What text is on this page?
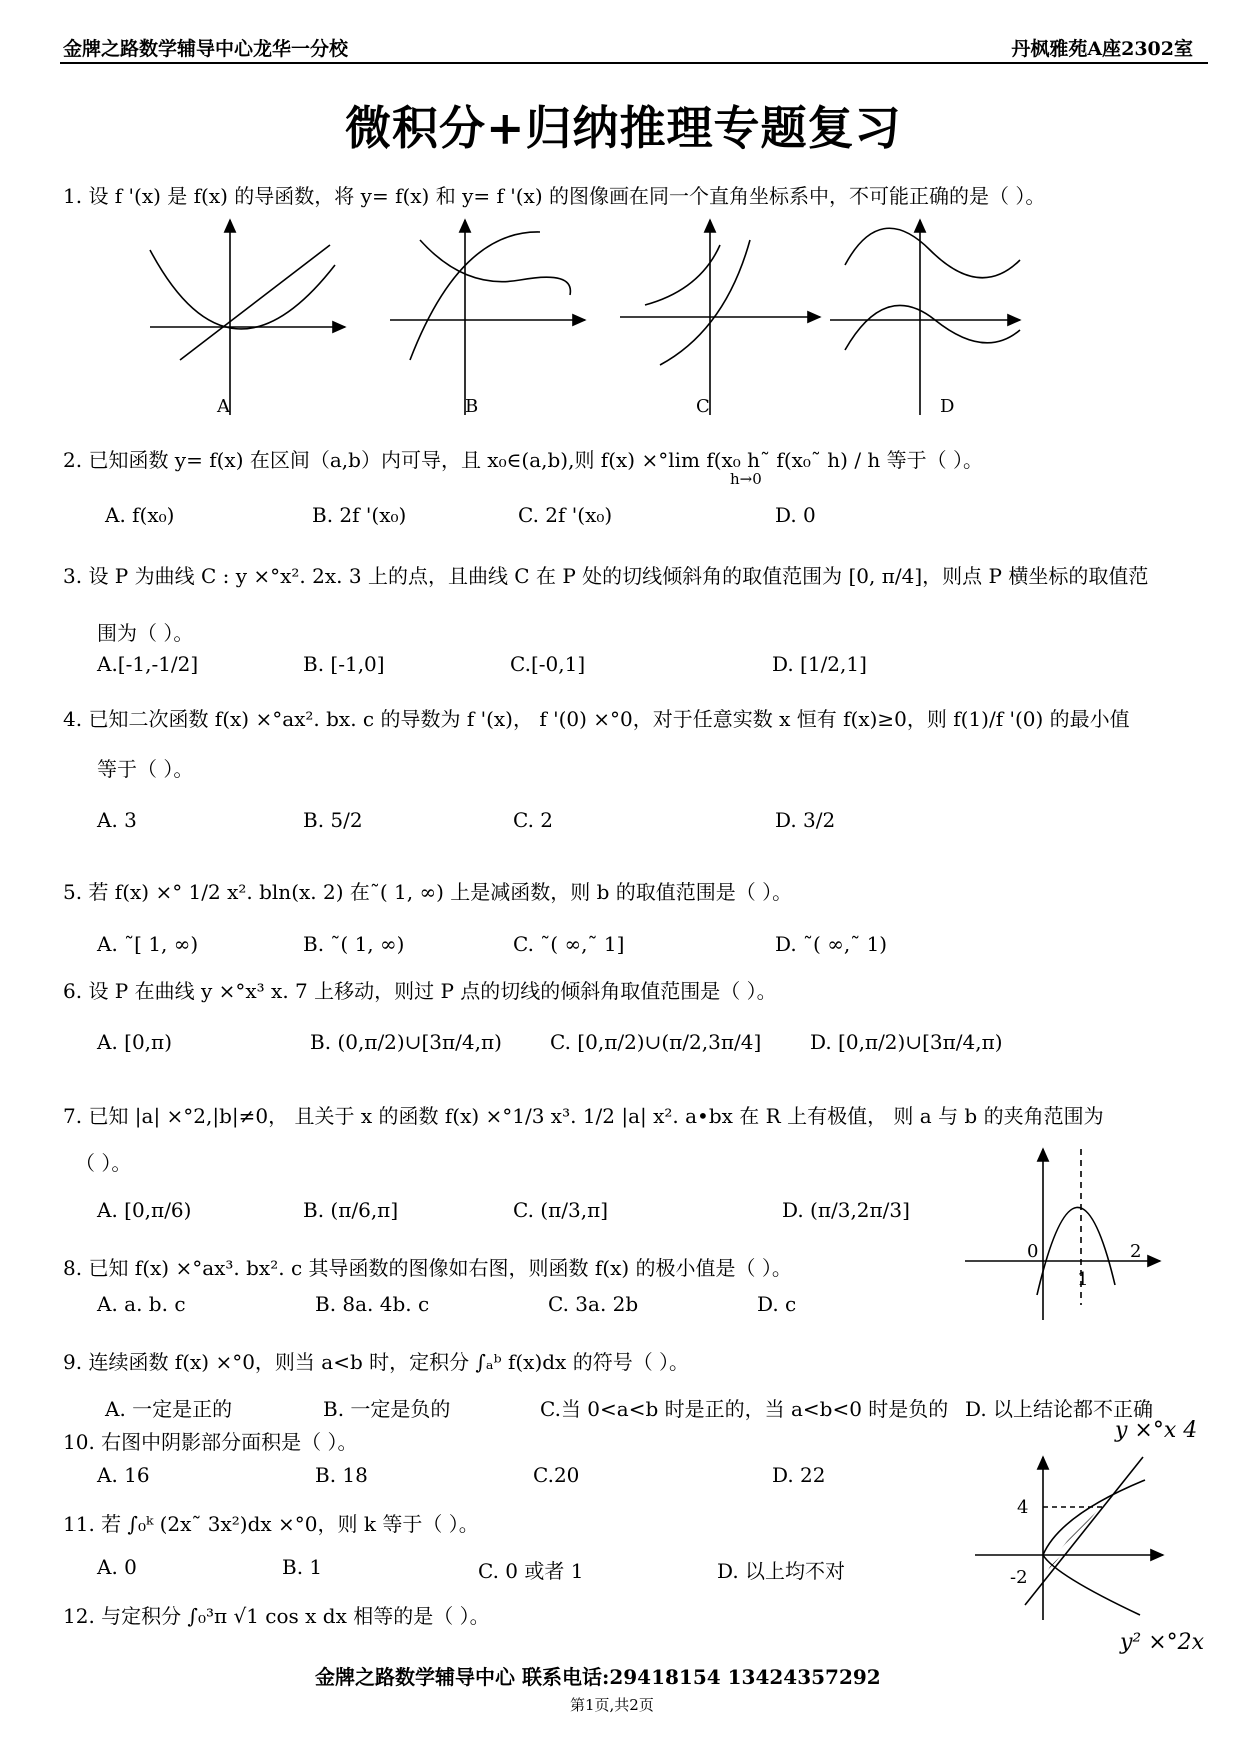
金牌之路数学辅导中心龙华一分校	丹枫雅苑A座2302室
微积分+归纳推理专题复习
1. 设 f '(x) 是 f(x) 的导函数，将 y= f(x) 和 y= f '(x) 的图像画在同一个直角坐标系中，不可能正确的是（ ）。
A	B	C	D
2. 已知函数 y= f(x) 在区间（a,b）内可导，且 x₀∈(a,b),则 f(x) ×°lim f(x₀ h˜ f(x₀˜ h) / h 等于（ ）。
h→0
A. f(x₀)	B. 2f '(x₀)	C. 2f '(x₀)	D. 0
3. 设 P 为曲线 C : y ×°x². 2x. 3 上的点，且曲线 C 在 P 处的切线倾斜角的取值范围为 [0, π/4]，则点 P 横坐标的取值范
围为（ ）。
A.[-1,-1/2]	B. [-1,0]	C.[-0,1]	D. [1/2,1]
4. 已知二次函数 f(x) ×°ax². bx. c 的导数为 f '(x)， f '(0) ×°0，对于任意实数 x 恒有 f(x)≥0，则 f(1)/f '(0) 的最小值
等于（ ）。
A. 3	B. 5/2	C. 2	D. 3/2
5. 若 f(x) ×° 1/2 x². bln(x. 2) 在˜( 1, ∞) 上是减函数，则 b 的取值范围是（ ）。
A. ˜[ 1, ∞)	B. ˜( 1, ∞)	C. ˜( ∞,˜ 1]	D. ˜( ∞,˜ 1)
6. 设 P 在曲线 y ×°x³ x. 7 上移动，则过 P 点的切线的倾斜角取值范围是（ ）。
A. [0,π)	B. (0,π/2)∪[3π/4,π) C. [0,π/2)∪(π/2,3π/4] D. [0,π/2)∪[3π/4,π)
7. 已知 |a| ×°2,|b|≠0， 且关于 x 的函数 f(x) ×°1/3 x³. 1/2 |a| x². a•bx 在 R 上有极值， 则 a 与 b 的夹角范围为
（ ）。
A. [0,π/6)	B. (π/6,π]	C. (π/3,π]	D. (π/3,2π/3]
0
1
2
8. 已知 f(x) ×°ax³. bx². c 其导函数的图像如右图，则函数 f(x) 的极小值是（ ）。
A. a. b. c	B. 8a. 4b. c	C. 3a. 2b	D. c
9. 连续函数 f(x) ×°0，则当 a<b 时，定积分 ∫ₐᵇ f(x)dx 的符号（ ）。
A. 一定是正的	B. 一定是负的	C.当 0<a<b 时是正的，当 a<b<0 时是负的 D. 以上结论都不正确
10. 右图中阴影部分面积是（ ）。
A. 16	B. 18	C.20	D. 22
y ×°x 4
4
-2
y² ×°2x
11. 若 ∫₀ᵏ (2x˜ 3x²)dx ×°0，则 k 等于（ ）。
A. 0	B. 1	C. 0 或者 1	D. 以上均不对
12. 与定积分 ∫₀³π √1 cos x dx 相等的是（ ）。
金牌之路数学辅导中心 联系电话:29418154 13424357292
第1页,共2页
